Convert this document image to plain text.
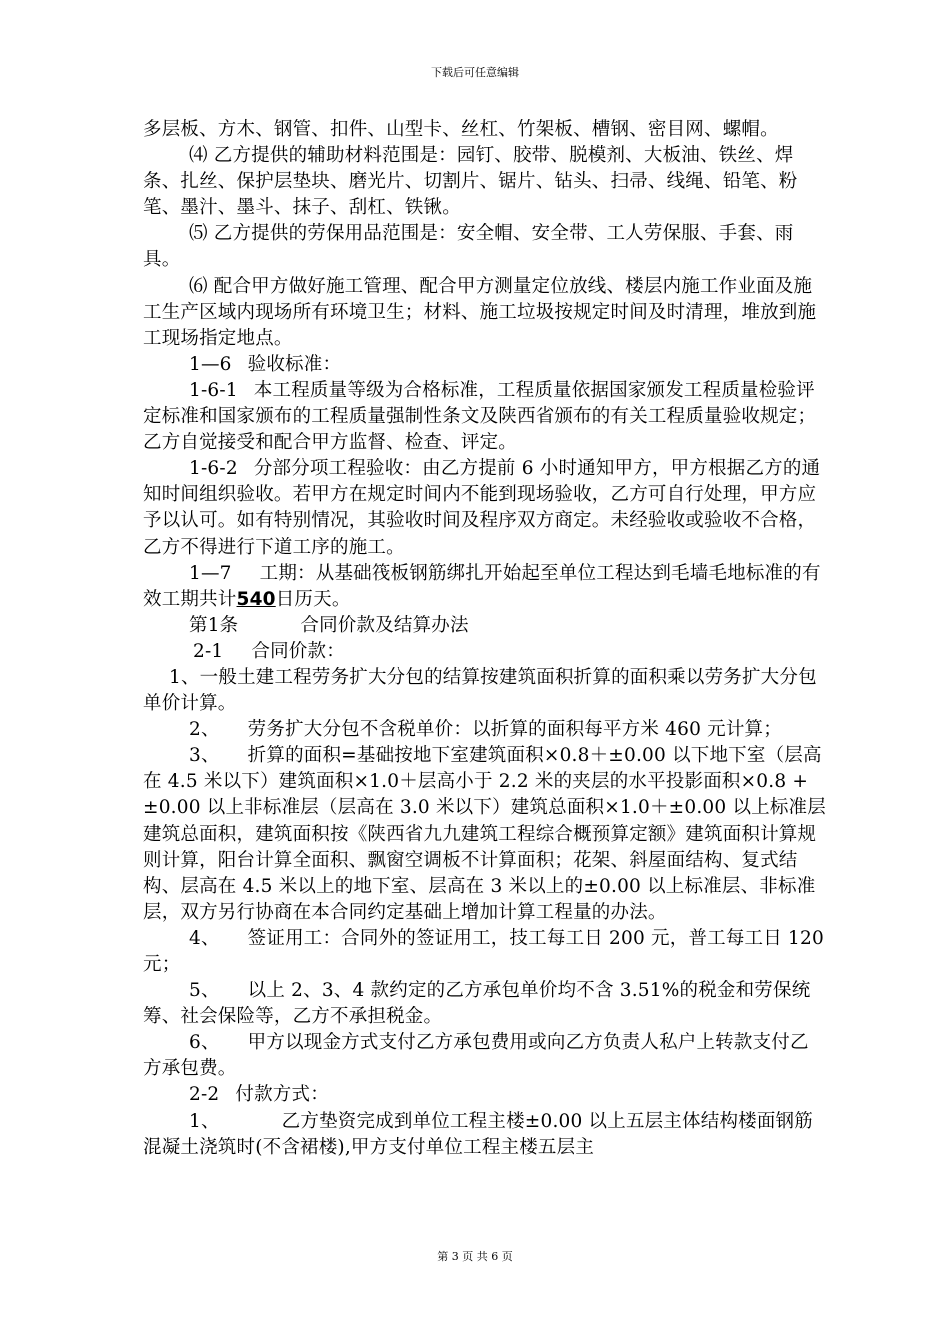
下载后可任意编辑

多层板、方木、钢管、扣件、山型卡、丝杠、竹架板、槽钢、密目网、螺帽。

⑷ 乙方提供的辅助材料范围是：园钉、胶带、脱模剂、大板油、铁丝、焊条、扎丝、保护层垫块、磨光片、切割片、锯片、钻头、扫帚、线绳、铅笔、粉笔、墨汁、墨斗、抹子、刮杠、铁锹。

⑸ 乙方提供的劳保用品范围是：安全帽、安全带、工人劳保服、手套、雨具。

⑹ 配合甲方做好施工管理、配合甲方测量定位放线、楼层内施工作业面及施工生产区域内现场所有环境卫生；材料、施工垃圾按规定时间及时清理，堆放到施工现场指定地点。

1—6 验收标准：

1-6-1 本工程质量等级为合格标准，工程质量依据国家颁发工程质量检验评定标准和国家颁布的工程质量强制性条文及陕西省颁布的有关工程质量验收规定；乙方自觉接受和配合甲方监督、检查、评定。

1-6-2 分部分项工程验收：由乙方提前 6 小时通知甲方，甲方根据乙方的通知时间组织验收。若甲方在规定时间内不能到现场验收，乙方可自行处理，甲方应予以认可。如有特别情况，其验收时间及程序双方商定。未经验收或验收不合格，乙方不得进行下道工序的施工。

1—7 工期：从基础筏板钢筋绑扎开始起至单位工程达到毛墙毛地标准的有效工期共计540日历天。

第1条	合同价款及结算办法

2-1 合同价款：

1、一般土建工程劳务扩大分包的结算按建筑面积折算的面积乘以劳务扩大分包单价计算。

2、 劳务扩大分包不含税单价：以折算的面积每平方米 460 元计算；

3、 折算的面积=基础按地下室建筑面积×0.8＋±0.00 以下地下室（层高在 4.5 米以下）建筑面积×1.0＋层高小于 2.2 米的夹层的水平投影面积×0.8 + ±0.00 以上非标准层（层高在 3.0 米以下）建筑总面积×1.0＋±0.00 以上标准层建筑总面积，建筑面积按《陕西省九九建筑工程综合概预算定额》建筑面积计算规则计算，阳台计算全面积、飘窗空调板不计算面积；花架、斜屋面结构、复式结构、层高在 4.5 米以上的地下室、层高在 3 米以上的±0.00 以上标准层、非标准层，双方另行协商在本合同约定基础上增加计算工程量的办法。

4、 签证用工：合同外的签证用工，技工每工日 200 元，普工每工日 120 元；

5、 以上 2、3、4 款约定的乙方承包单价均不含 3.51%的税金和劳保统筹、社会保险等，乙方不承担税金。

6、 甲方以现金方式支付乙方承包费用或向乙方负责人私户上转款支付乙方承包费。

2-2 付款方式：

1、	乙方垫资完成到单位工程主楼±0.00 以上五层主体结构楼面钢筋混凝土浇筑时(不含裙楼),甲方支付单位工程主楼五层主

第 3 页 共 6 页
